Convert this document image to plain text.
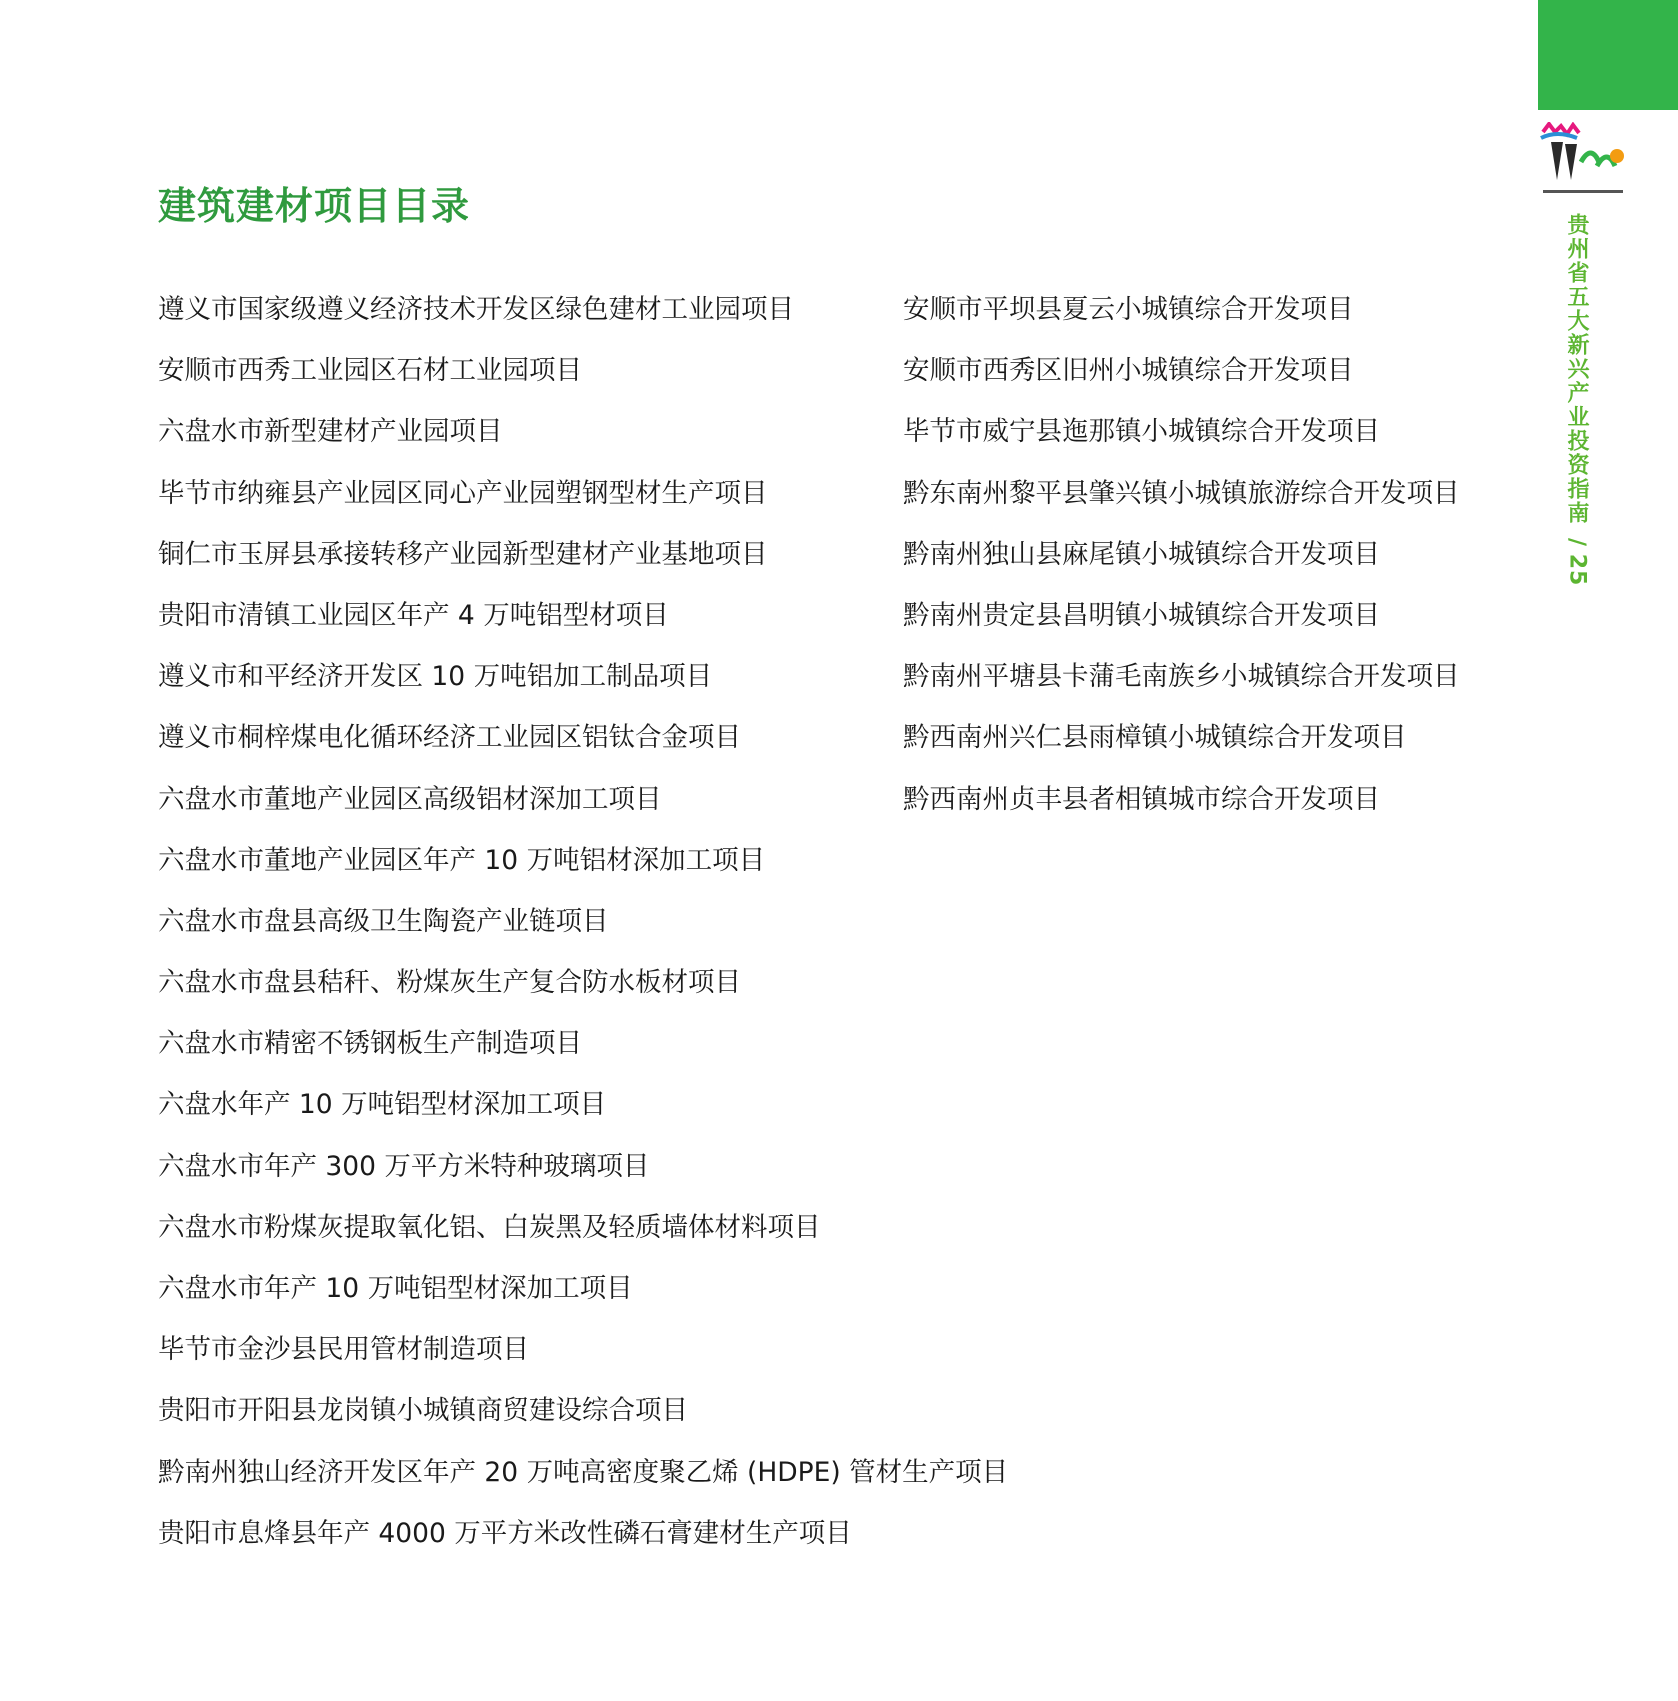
贵州省五大新兴产业投资指南
/
25
建筑建材项目目录
遵义市国家级遵义经济技术开发区绿色建材工业园项目
安顺市西秀工业园区石材工业园项目
六盘水市新型建材产业园项目
毕节市纳雍县产业园区同心产业园塑钢型材生产项目
铜仁市玉屏县承接转移产业园新型建材产业基地项目
贵阳市清镇工业园区年产 4 万吨铝型材项目
遵义市和平经济开发区 10 万吨铝加工制品项目
遵义市桐梓煤电化循环经济工业园区铝钛合金项目
六盘水市董地产业园区高级铝材深加工项目
六盘水市董地产业园区年产 10 万吨铝材深加工项目
六盘水市盘县高级卫生陶瓷产业链项目
六盘水市盘县秸秆、粉煤灰生产复合防水板材项目
六盘水市精密不锈钢板生产制造项目
六盘水年产 10 万吨铝型材深加工项目
六盘水市年产 300 万平方米特种玻璃项目
六盘水市粉煤灰提取氧化铝、白炭黑及轻质墙体材料项目
六盘水市年产 10 万吨铝型材深加工项目
毕节市金沙县民用管材制造项目
贵阳市开阳县龙岗镇小城镇商贸建设综合项目
黔南州独山经济开发区年产 20 万吨高密度聚乙烯 (HDPE) 管材生产项目
贵阳市息烽县年产 4000 万平方米改性磷石膏建材生产项目
安顺市平坝县夏云小城镇综合开发项目
安顺市西秀区旧州小城镇综合开发项目
毕节市威宁县迤那镇小城镇综合开发项目
黔东南州黎平县肇兴镇小城镇旅游综合开发项目
黔南州独山县麻尾镇小城镇综合开发项目
黔南州贵定县昌明镇小城镇综合开发项目
黔南州平塘县卡蒲毛南族乡小城镇综合开发项目
黔西南州兴仁县雨樟镇小城镇综合开发项目
黔西南州贞丰县者相镇城市综合开发项目
